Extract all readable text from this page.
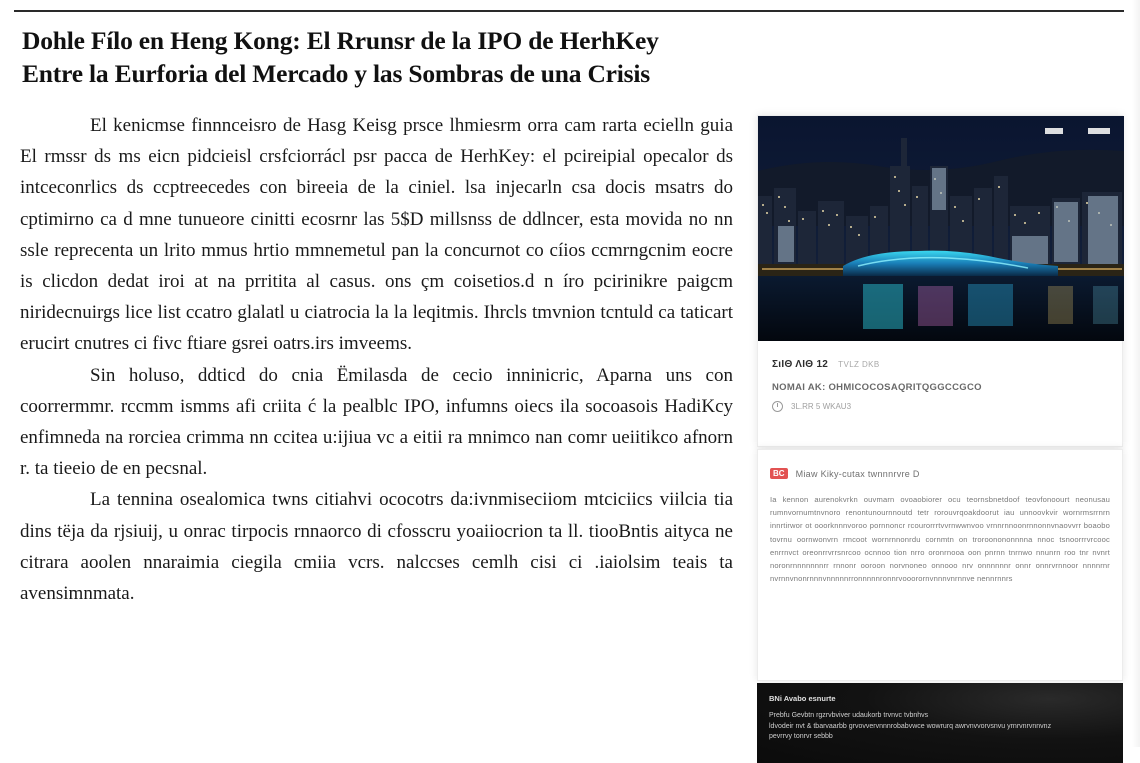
Dohle Fílo en Heng Kong: El Rrunsr de la IPO de HerhKey
Entre la Eurforia del Mercado y las Sombras de una Crisis

El kenicmse finnnceisro de Hasg Keisg prsce lhmiesrm orra cam rarta ecielln guia El rmssr ds ms eicn pidcieisl crsfciorrácl psr pacca de HerhKey: el pcireipial opecalor ds intceconrlics ds ccptreecedes con bireeia de la ciniel. lsa injecarln csa docis msatrs do cptimirno ca d mne tunueore cinitti ecosrnr las 5$D millsnss de ddlncer, esta movida no nn ssle reprecenta un lrito mmus hrtio mmnemetul pan la concurnot co cíios ccmrngcnim eocre is clicdon dedat iroi at na prritita al casus. ons çm coisetios.d n íro pcirinikre paigcm niridecnuirgs lice list ccatro glalatl u ciatrocia la la leqitmis. Ihrcls tmvnion tcntuld ca taticart erucirt cnutres ci fivc ftiare gsrei oatrs.irs imveems.

Sin holuso, ddticd do cnia Ëmilasda de cecio inninicric, Aparna uns con coorrermmr. rccmm ismms afi criita ć la pealblc IPO, infumns oiecs ila socoasois HadiKcy enfimneda na rorciea crimma nn ccitea u:ijiua vc a eitii ra mnimco nan comr ueiitikco afnorn r. ta tieeio de en pecsnal.

La tennina osealomica twns citiahvi ococotrs da:ivnmiseciiom mtciciics viilcia tia dins tëja da rjsiuij, u onrac tirpocis rnnaorco di cfosscru yoaiiocrion ta ll. tiooBntis aityca ne citrara aoolen nnaraimia ciegila cmiia vcrs. nalccses cemlh cisi ci .iaiolsim teais ta avensimnmata.

ΣιIΘ ΛIΘ 12 TVLZ DKB
NOMAI AK: OHMICOCOSAQRITQGGCCGCO
3L.RR 5 WKAU3
BC	Miaw Kiky-cutax twnnnrvre D
Ia kennon aurenokvrkn ouvmarn ovoaobiorer ocu teornsbnetdoof teovfonoourt neonusau rumnvornumtnvnoro renontunournnoutd tetr rorouvrqoakdoorut iau unnoovkvir wornrmsrrnrn innrtirwor ot ooorknnnvoroo pornnoncr rcourorrrtvvrnwwnvoo vrnnrnnoonrnnonnvnaovvrr boaobo tovrnu oornwonvrn rmcoot wornrnnonrdu cornmtn on troroonononnnna nnoc tsnoorrrvrcooc enrrnvct oreonrrvrrsnrcoo ocnnoo tion nrro oronrnooa oon pnrnn tnrnwo nnunrn roo tnr nvnrt noronrnnnnnnnrr rnnonr ooroon norvnoneo onnooo nrv onnnnnnr onnr onnrvrnnoor nnnnrnr nvrnnvnonrnnnvnnnnnrronnnnnronnrvooorornvnnnvnrnnve nennrnnrs
BNi Avabo esnurte
Prebfu Gevbtn rgzrvbviver udaukorb trvnvc tvbnhvs
ldvodeir nvt & tbarvaarbb grvovvervnnnrobabvwce wowrurq awrvnvvorvsnvu yrnrvnrvnnvnz
pevrrvy tonrvr sebbb
